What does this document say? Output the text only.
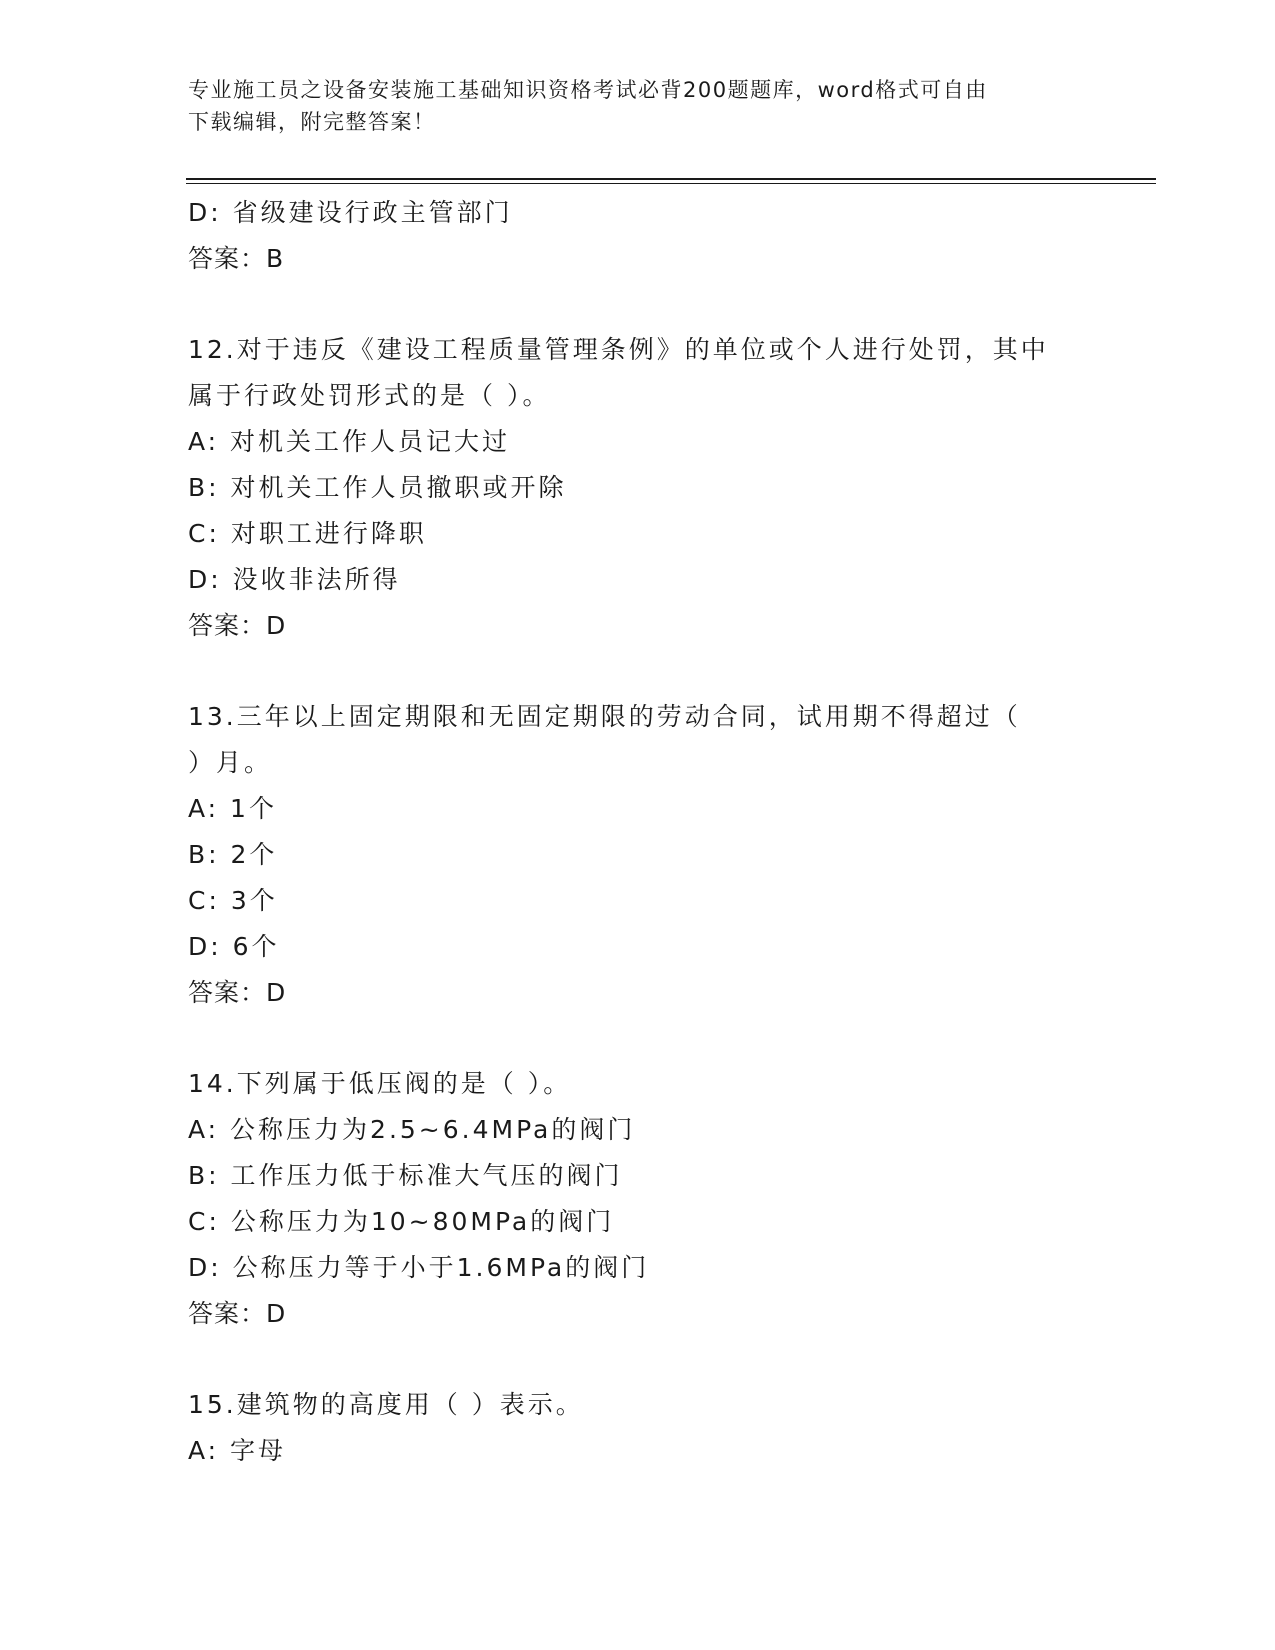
专业施工员之设备安装施工基础知识资格考试必背200题题库，word格式可自由
下载编辑，附完整答案！
D: 省级建设行政主管部门
答案：B
12.对于违反《建设工程质量管理条例》的单位或个人进行处罚，其中
属于行政处罚形式的是（ ）。
A: 对机关工作人员记大过
B: 对机关工作人员撤职或开除
C: 对职工进行降职
D: 没收非法所得
答案：D
13.三年以上固定期限和无固定期限的劳动合同，试用期不得超过（
）月。
A: 1个
B: 2个
C: 3个
D: 6个
答案：D
14.下列属于低压阀的是（ ）。
A: 公称压力为2.5~6.4MPa的阀门
B: 工作压力低于标准大气压的阀门
C: 公称压力为10~80MPa的阀门
D: 公称压力等于小于1.6MPa的阀门
答案：D
15.建筑物的高度用（ ）表示。
A: 字母
